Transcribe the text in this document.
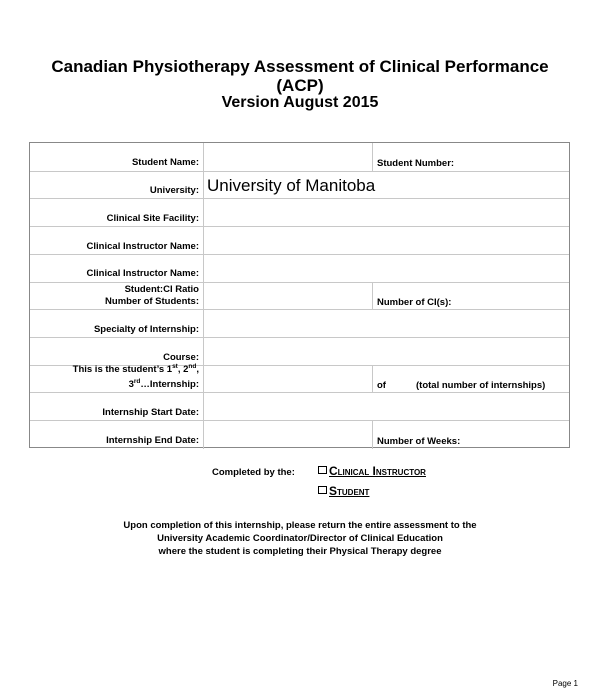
Canadian Physiotherapy Assessment of Clinical Performance
(ACP)
Version August 2015
Student Name:	Student Number:
University: University of Manitoba
Clinical Site Facility:
Clinical Instructor Name:
Clinical Instructor Name:
Student:CI Ratio
Number of Students:	Number of CI(s):
Specialty of Internship:
Course:
This is the student’s 1st, 2nd,
3rd…Internship:	of	(total number of internships)
Internship Start Date:
Internship End Date:	Number of Weeks:
Completed by the:	Clinical Instructor
Student
Upon completion of this internship, please return the entire assessment to the
University Academic Coordinator/Director of Clinical Education
where the student is completing their Physical Therapy degree
Page 1
